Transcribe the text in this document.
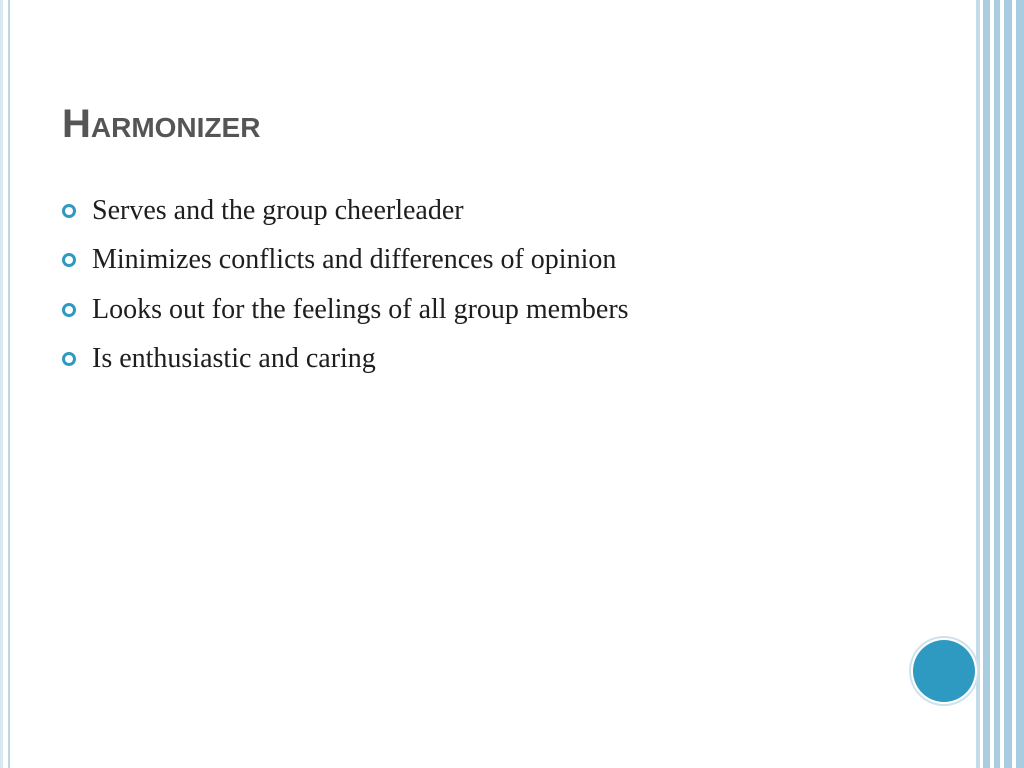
Harmonizer
Serves and the group cheerleader
Minimizes conflicts and differences of opinion
Looks out for the feelings of all group members
Is enthusiastic and caring
